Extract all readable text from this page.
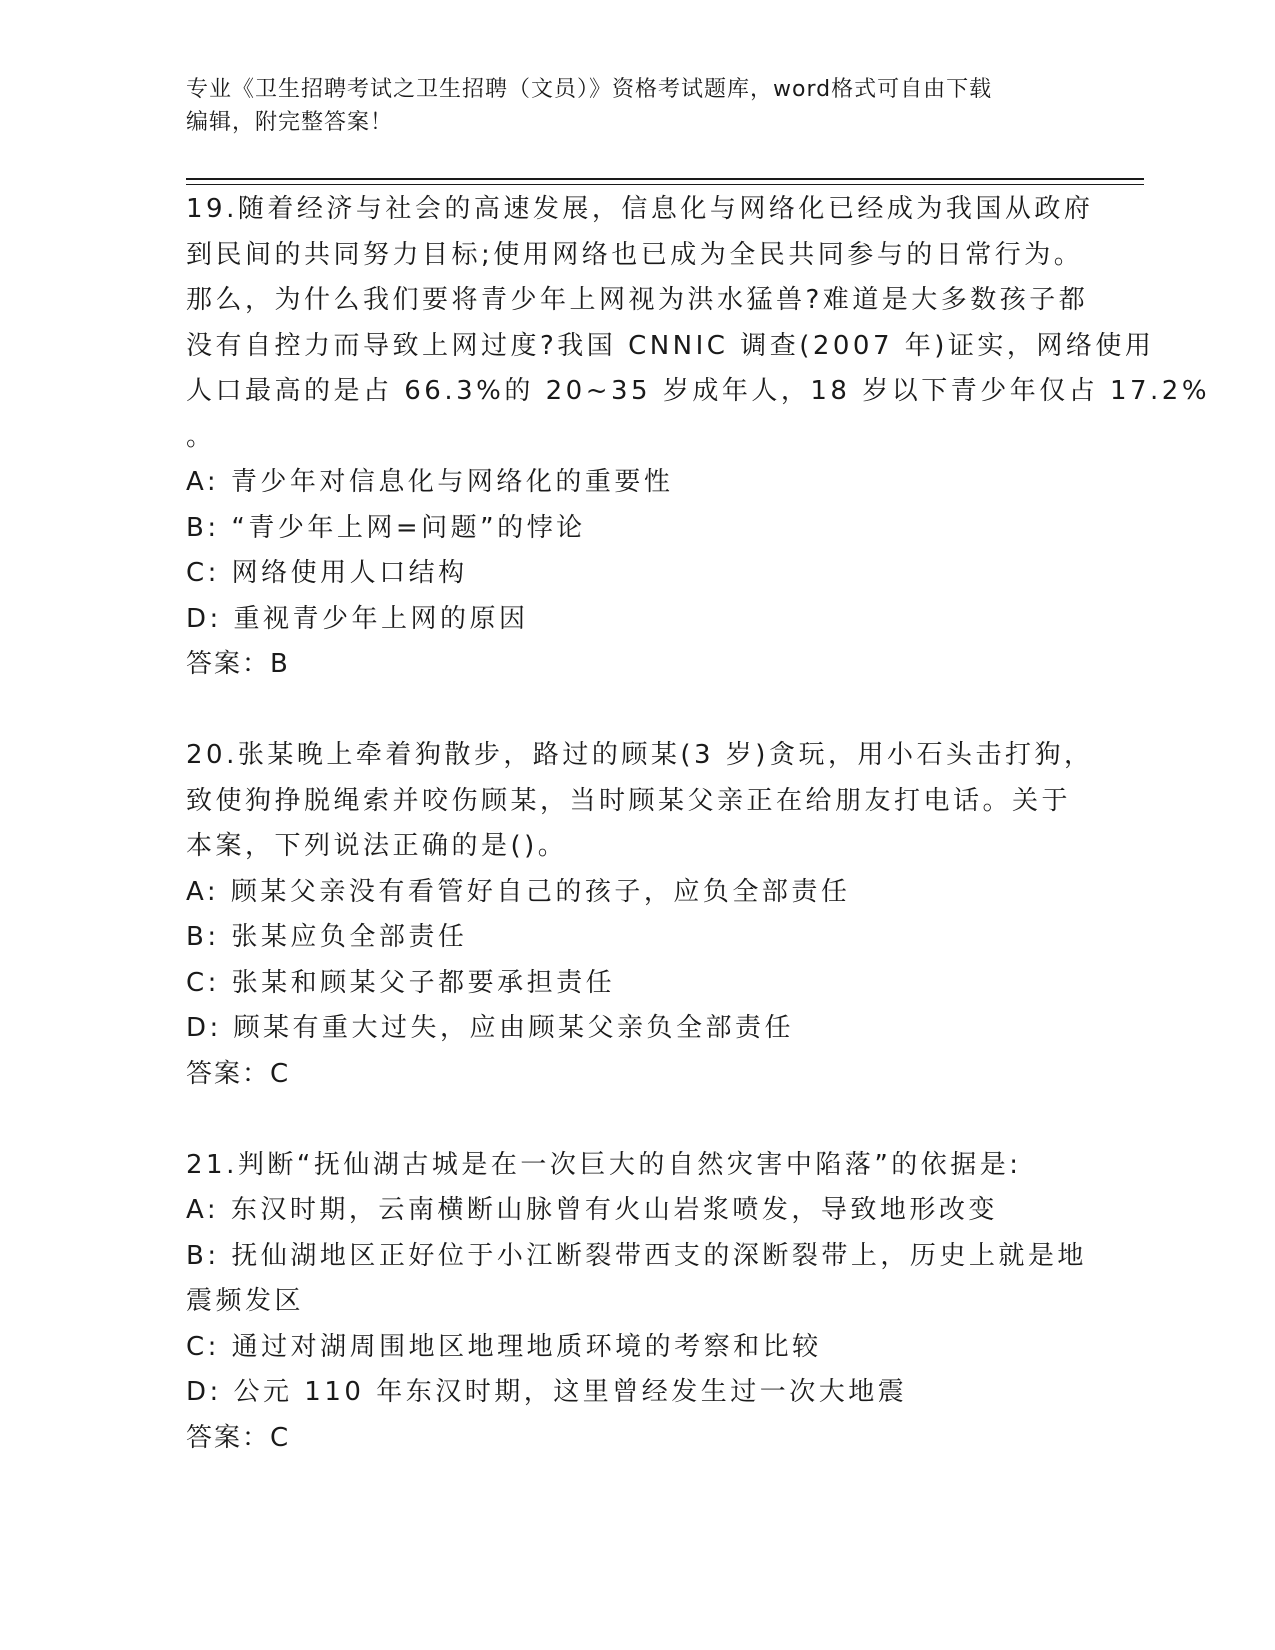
专业《卫生招聘考试之卫生招聘（文员）》资格考试题库，word格式可自由下载
编辑，附完整答案！
19.随着经济与社会的高速发展，信息化与网络化已经成为我国从政府
到民间的共同努力目标;使用网络也已成为全民共同参与的日常行为。
那么，为什么我们要将青少年上网视为洪水猛兽?难道是大多数孩子都
没有自控力而导致上网过度?我国 CNNIC 调查(2007 年)证实，网络使用
人口最高的是占 66.3%的 20~35 岁成年人，18 岁以下青少年仅占 17.2%
。
A: 青少年对信息化与网络化的重要性
B: “青少年上网=问题”的悖论
C: 网络使用人口结构
D: 重视青少年上网的原因
答案：B
20.张某晚上牵着狗散步，路过的顾某(3 岁)贪玩，用小石头击打狗，
致使狗挣脱绳索并咬伤顾某，当时顾某父亲正在给朋友打电话。关于
本案，下列说法正确的是()。
A: 顾某父亲没有看管好自己的孩子，应负全部责任
B: 张某应负全部责任
C: 张某和顾某父子都要承担责任
D: 顾某有重大过失，应由顾某父亲负全部责任
答案：C
21.判断“抚仙湖古城是在一次巨大的自然灾害中陷落”的依据是:
A: 东汉时期，云南横断山脉曾有火山岩浆喷发，导致地形改变
B: 抚仙湖地区正好位于小江断裂带西支的深断裂带上，历史上就是地
震频发区
C: 通过对湖周围地区地理地质环境的考察和比较
D: 公元 110 年东汉时期，这里曾经发生过一次大地震
答案：C
